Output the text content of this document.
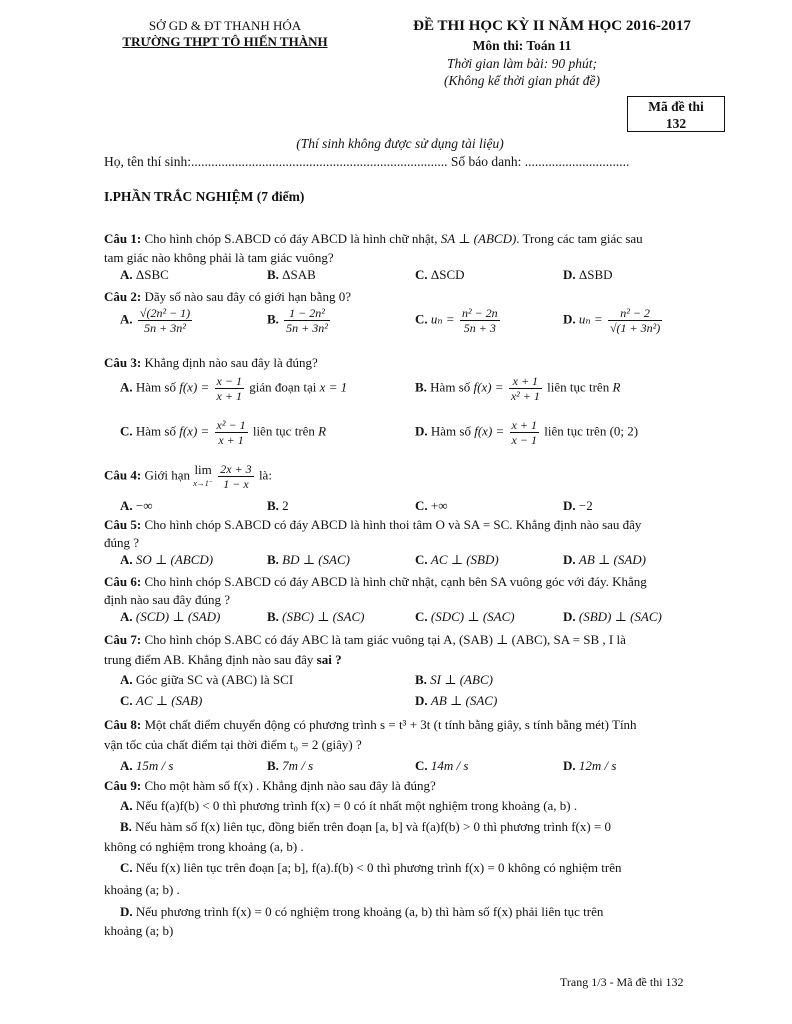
SỞ GD & ĐT THANH HÓA
TRƯỜNG THPT TÔ HIẾN THÀNH
ĐỀ THI HỌC KỲ II NĂM HỌC 2016-2017
Môn thi: Toán 11
Thời gian làm bài: 90 phút;
(Không kể thời gian phát đề)
Mã đề thi
132
(Thí sinh không được sử dụng tài liệu)
Họ, tên thí sinh:............................................................................ Số báo danh: ...............................
I.PHẦN TRẮC NGHIỆM (7 điểm)
Câu 1: Cho hình chóp S.ABCD có đáy ABCD là hình chữ nhật, SA ⊥ (ABCD). Trong các tam giác sau
tam giác nào không phải là tam giác vuông?
A. ΔSBC	B. ΔSAB	C. ΔSCD	D. ΔSBD
Câu 2: Dãy số nào sau đây có giới hạn bằng 0?
A. $\frac{\text{√(2n² − 1)}}{\text{5n + 3n²}}$	B. $\frac{\text{1 − 2n²}}{\text{5n + 3n²}}$	C. $u_n = \frac{\text{n² − 2n}}{5n + 3}$	D. $u_n = \frac{\text{n² − 2}}{\text{√(1 + 3n²)}}$
Câu 3: Khẳng định nào sau đây là đúng?
A. Hàm số $f(x) = \frac{x - 1}{x + 1}$ gián đoạn tại x = 1	B. Hàm số $f(x) = \frac{x + 1}{\text{x² + 1}}$ liên tục trên R
C. Hàm số $f(x) = \frac{\text{x² − 1}}{x + 1}$ liên tục trên R	D. Hàm số $f(x) = \frac{x + 1}{x - 1}$ liên tục trên (0; 2)
Câu 4: Giới hạn lim
$x\to 1^- \frac{2x + 3}{1 - x}$ là:
A. −∞	B. 2	C. +∞	D. −2
Câu 5: Cho hình chóp S.ABCD có đáy ABCD là hình thoi tâm O và SA = SC. Khẳng định nào sau đây
đúng ?
A. SO ⊥ (ABCD)	B. BD ⊥ (SAC)	C. AC ⊥ (SBD)	D. AB ⊥ (SAD)
Câu 6: Cho hình chóp S.ABCD có đáy ABCD là hình chữ nhật, cạnh bên SA vuông góc với đáy. Khẳng
định nào sau đây đúng ?
A. (SCD) ⊥ (SAD)	B. (SBC) ⊥ (SAC)	C. (SDC) ⊥ (SAC)	D. (SBD) ⊥ (SAC)
Câu 7: Cho hình chóp S.ABC có đáy ABC là tam giác vuông tại A, (SAB) ⊥ (ABC), SA = SB , I là
trung điểm AB. Khẳng định nào sau đây sai ?
A. Góc giữa SC và (ABC) là SCI	B. SI ⊥ (ABC)
C. AC ⊥ (SAB)	D. AB ⊥ (SAC)
Câu 8: Một chất điểm chuyển động có phương trình s = t³ + 3t (t tính bằng giây, s tính bằng mét) Tính
vận tốc của chất điểm tại thời điểm t₀ = 2 (giây) ?
A. 15m / s	B. 7m / s	C. 14m / s	D. 12m / s
Câu 9: Cho một hàm số f(x) . Khẳng định nào sau đây là đúng?
A. Nếu f(a)f(b) < 0 thì phương trình f(x) = 0 có ít nhất một nghiệm trong khoảng (a, b) .
B. Nếu hàm số f(x) liên tục, đồng biến trên đoạn [a, b] và f(a)f(b) > 0 thì phương trình f(x) = 0
không có nghiệm trong khoảng (a, b) .
C. Nếu f(x) liên tục trên đoạn [a; b], f(a).f(b) < 0 thì phương trình f(x) = 0 không có nghiệm trên
khoảng (a; b) .
D. Nếu phương trình f(x) = 0 có nghiệm trong khoảng (a, b) thì hàm số f(x) phải liên tục trên
khoảng (a; b)
Trang 1/3 - Mã đề thi 132
